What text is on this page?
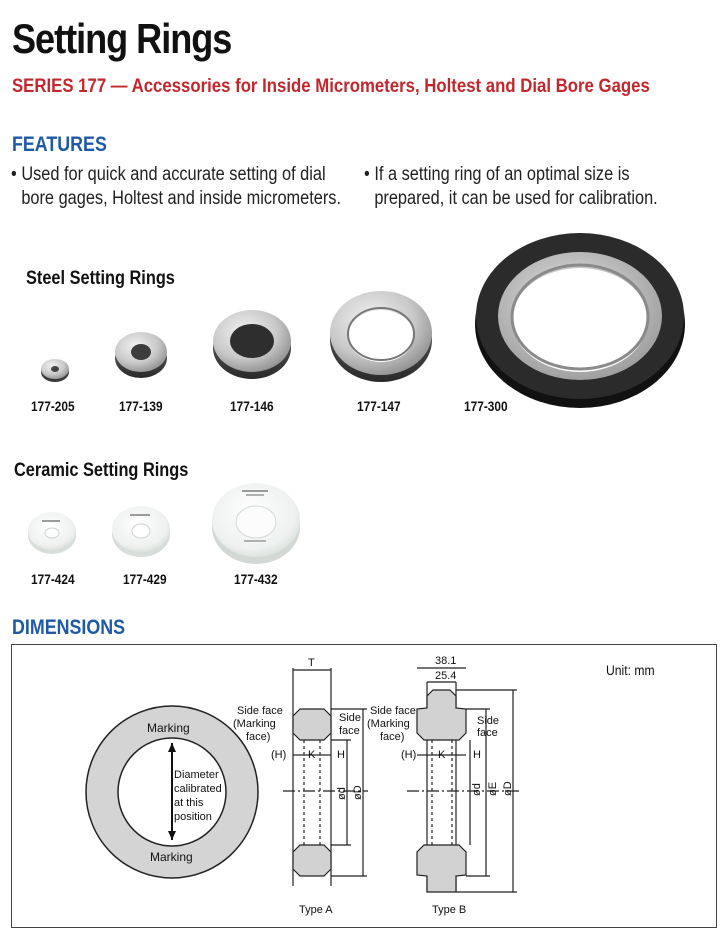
Setting Rings
SERIES 177 — Accessories for Inside Micrometers, Holtest and Dial Bore Gages
FEATURES
• Used for quick and accurate setting of dial
bore gages, Holtest and inside micrometers.
• If a setting ring of an optimal size is
prepared, it can be used for calibration.
Steel Setting Rings
177-205	177-139	177-146	177-147	177-300
Ceramic Setting Rings
177-424	177-429	177-432
DIMENSIONS
Unit: mm
Marking
Marking
Diameter
calibrated
at this
position
T
Side face
(Marking
face)
Side
face
(H) K H
ød øD
Type A
38.1
25.4
Side face
(Marking
face)
Side
face
(H) K	H
ød øE øD
Type B
